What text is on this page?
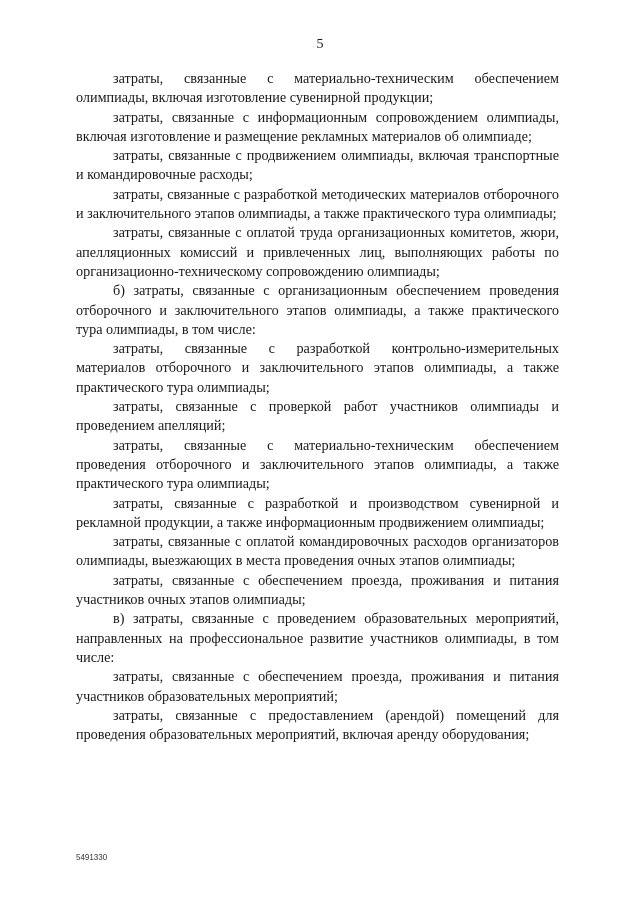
5

затраты, связанные с материально-техническим обеспечением олимпиады, включая изготовление сувенирной продукции;

затраты, связанные с информационным сопровождением олимпиады, включая изготовление и размещение рекламных материалов об олимпиаде;

затраты, связанные с продвижением олимпиады, включая транспортные и командировочные расходы;

затраты, связанные с разработкой методических материалов отборочного и заключительного этапов олимпиады, а также практического тура олимпиады;

затраты, связанные с оплатой труда организационных комитетов, жюри, апелляционных комиссий и привлеченных лиц, выполняющих работы по организационно-техническому сопровождению олимпиады;

б) затраты, связанные с организационным обеспечением проведения отборочного и заключительного этапов олимпиады, а также практического тура олимпиады, в том числе:

затраты, связанные с разработкой контрольно-измерительных материалов отборочного и заключительного этапов олимпиады, а также практического тура олимпиады;

затраты, связанные с проверкой работ участников олимпиады и проведением апелляций;

затраты, связанные с материально-техническим обеспечением проведения отборочного и заключительного этапов олимпиады, а также практического тура олимпиады;

затраты, связанные с разработкой и производством сувенирной и рекламной продукции, а также информационным продвижением олимпиады;

затраты, связанные с оплатой командировочных расходов организаторов олимпиады, выезжающих в места проведения очных этапов олимпиады;

затраты, связанные с обеспечением проезда, проживания и питания участников очных этапов олимпиады;

в) затраты, связанные с проведением образовательных мероприятий, направленных на профессиональное развитие участников олимпиады, в том числе:

затраты, связанные с обеспечением проезда, проживания и питания участников образовательных мероприятий;

затраты, связанные с предоставлением (арендой) помещений для проведения образовательных мероприятий, включая аренду оборудования;

5491330
